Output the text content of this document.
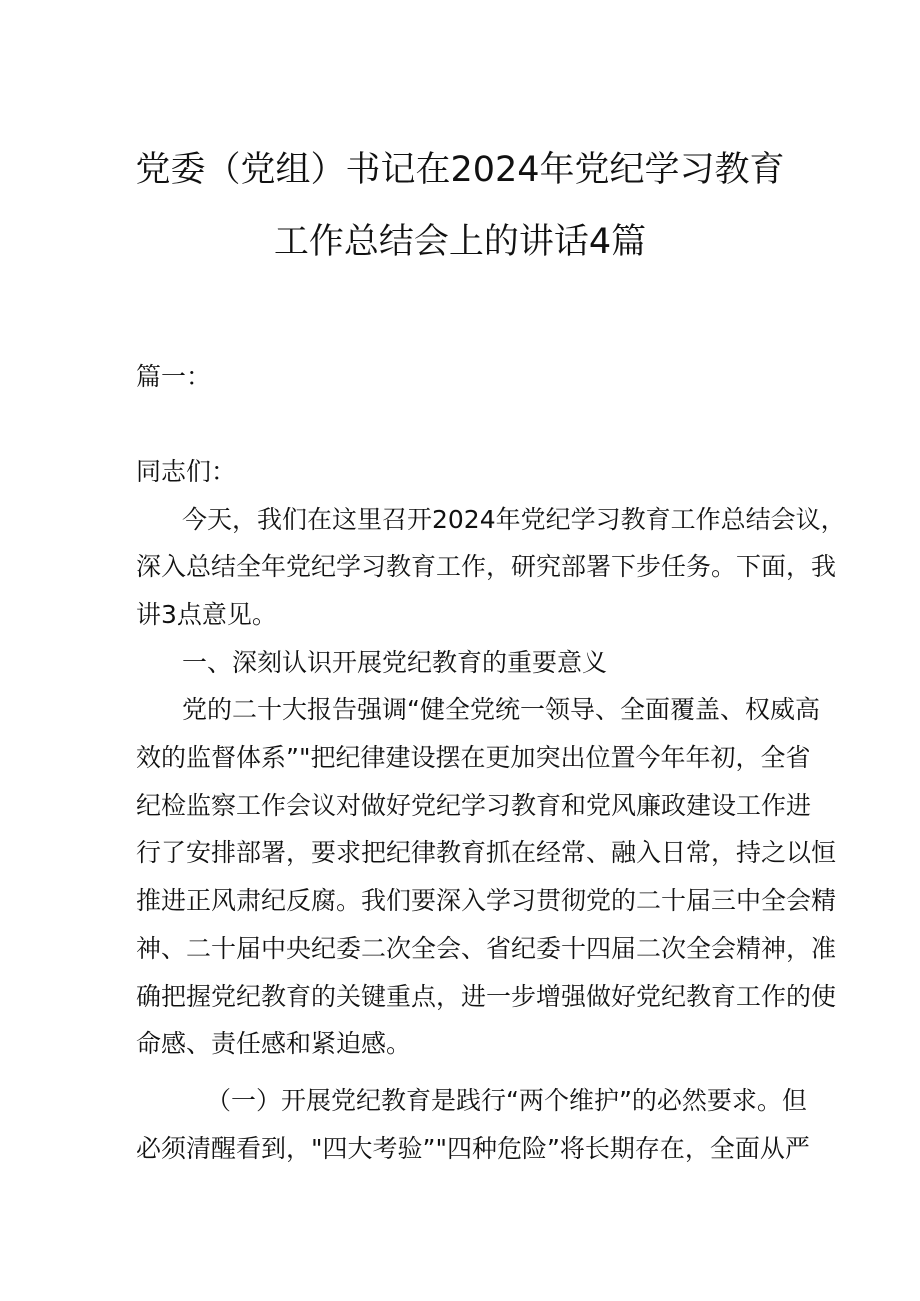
党委（党组）书记在2024年党纪学习教育
工作总结会上的讲话4篇
篇一：
同志们：
今天，我们在这里召开2024年党纪学习教育工作总结会议，
深入总结全年党纪学习教育工作，研究部署下步任务。下面，我
讲3点意见。
一、深刻认识开展党纪教育的重要意义
党的二十大报告强调“健全党统一领导、全面覆盖、权威高
效的监督体系”"把纪律建设摆在更加突出位置今年年初，全省
纪检监察工作会议对做好党纪学习教育和党风廉政建设工作进
行了安排部署，要求把纪律教育抓在经常、融入日常，持之以恒
推进正风肃纪反腐。我们要深入学习贯彻党的二十届三中全会精
神、二十届中央纪委二次全会、省纪委十四届二次全会精神，准
确把握党纪教育的关键重点，进一步增强做好党纪教育工作的使
命感、责任感和紧迫感。
（一）开展党纪教育是践行“两个维护”的必然要求。但
必须清醒看到，"四大考验”"四种危险”将长期存在，全面从严
